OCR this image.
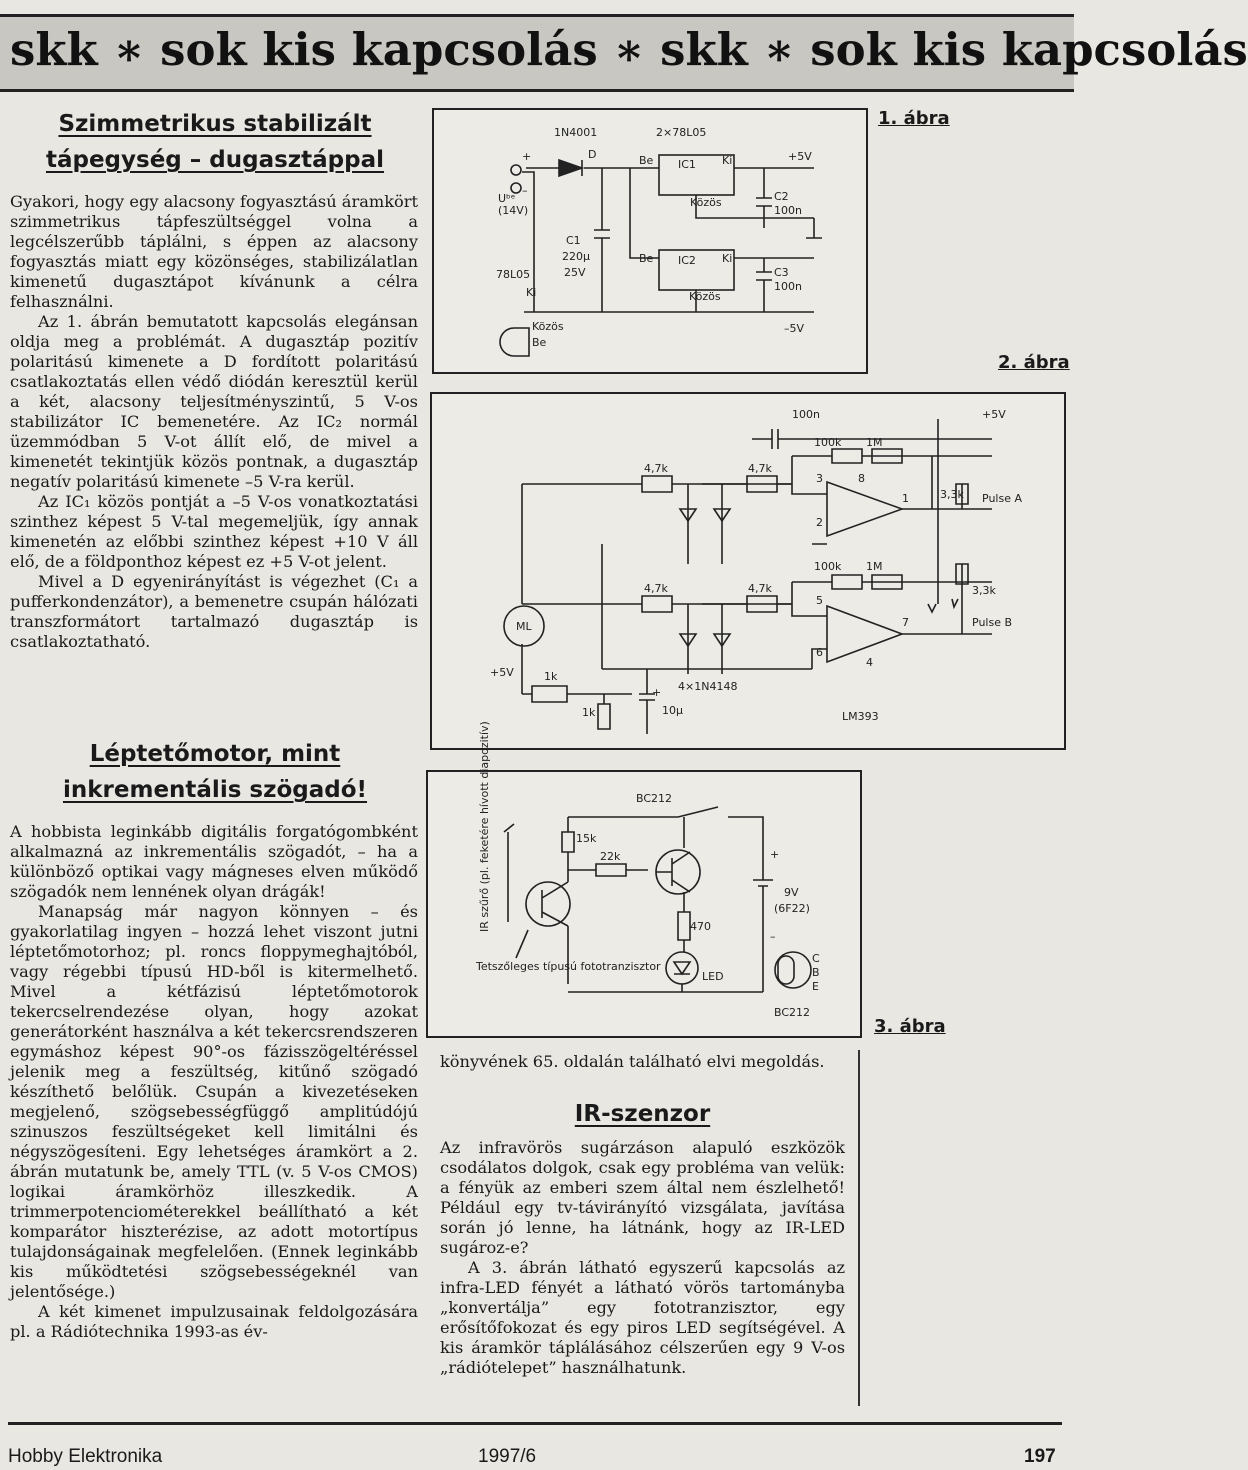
skk ∗ sok kis kapcsolás ∗ skk ∗ sok kis kapcsolás
Szimmetrikus stabilizált
tápegység – dugasztáppal

Gyakori, hogy egy alacsony fogyasztású áramkört szimmetrikus tápfeszültséggel volna a legcélszerűbb táplálni, s éppen az alacsony fogyasztás miatt egy közönséges, stabilizálatlan kimenetű dugasztápot kívánunk a célra felhasználni.

Az 1. ábrán bemutatott kapcsolás elegánsan oldja meg a problémát. A dugasztáp pozitív polaritású kimenete a D fordított polaritású csatlakoztatás ellen védő diódán keresztül kerül a két, alacsony teljesítményszintű, 5 V-os stabilizátor IC bemenetére. Az IC₂ normál üzemmódban 5 V-ot állít elő, de mivel a kimenetét tekintjük közös pontnak, a dugasztáp negatív polaritású kimenete –5 V-ra kerül.

Az IC₁ közös pontját a –5 V-os vonatkoztatási szinthez képest 5 V-tal megemeljük, így annak kimenetén az előbbi szinthez képest +10 V áll elő, de a földponthoz képest ez +5 V-ot jelent.

Mivel a D egyenirányítást is végezhet (C₁ a pufferkondenzátor), a bemenetre csupán hálózati transzformátort tartalmazó dugasztáp is csatlakoztatható.

Léptetőmotor, mint
inkrementális szögadó!

A hobbista leginkább digitális forgatógombként alkalmazná az inkrementális szögadót, – ha a különböző optikai vagy mágneses elven működő szögadók nem lennének olyan drágák!

Manapság már nagyon könnyen – és gyakorlatilag ingyen – hozzá lehet viszont jutni léptetőmotorhoz; pl. roncs floppymeghajtóból, vagy régebbi típusú HD-ből is kitermelhető. Mivel a kétfázisú léptetőmotorok tekercselrendezése olyan, hogy azokat generátorként használva a két tekercsrendszeren egymáshoz képest 90°-os fázisszögeltéréssel jelenik meg a feszültség, kitűnő szögadó készíthető belőlük. Csupán a kivezetéseken megjelenő, szögsebességfüggő amplitúdójú szinuszos feszültségeket kell limitálni és négyszögesíteni. Egy lehetséges áramkört a 2. ábrán mutatunk be, amely TTL (v. 5 V-os CMOS) logikai áramkörhöz illeszkedik. A trimmerpotenciométerekkel beállítható a két komparátor hiszterézise, az adott motortípus tulajdonságainak megfelelően. (Ennek leginkább kis működtetési szögsebességeknél van jelentősége.)

A két kimenet impulzusainak feldolgozására pl. a Rádiótechnika 1993-as év-

könyvének 65. oldalán található elvi megoldás.

IR-szenzor

Az infravörös sugárzáson alapuló eszközök csodálatos dolgok, csak egy probléma van velük: a fényük az emberi szem által nem észlelhető! Például egy tv-távirányító vizsgálata, javítása során jó lenne, ha látnánk, hogy az IR-LED sugároz-e?

A 3. ábrán látható egyszerű kapcsolás az infra-LED fényét a látható vörös tartományba „konvertálja” egy fototranzisztor, egy erősítőfokozat és egy piros LED segítségével. A kis áramkör táplálásához célszerűen egy 9 V-os „rádiótelepet” használhatunk.

1N4001	2×78L05
+	D	Be IC1 Ki	+5V
Uᵇᵉ
(14V)
–
Közös	C2
100n
C1
220μ
25V
Be IC2 Ki
C3
100n
78L05
Ki
Közös
Be
Közös
–5V
1. ábra
2. ábra
100n	+5V
100k 1M
4,7k	4,7k
3	8
1	3,3k Pulse A
2
100k 1M
3,3k
4,7k	4,7k
5
7	Pulse B
ML
+5V	1k
6
4
4×1N4148
1k
+
10μ	LM393
IR szűrő (pl. feketére hívott diapozitív)	BC212
15k
22k	+
9V
(6F22)
470
–
LED
Tetszőleges típusú fototranzisztor
C
B
E
BC212
3. ábra
Hobby Elektronika	1997/6	197
